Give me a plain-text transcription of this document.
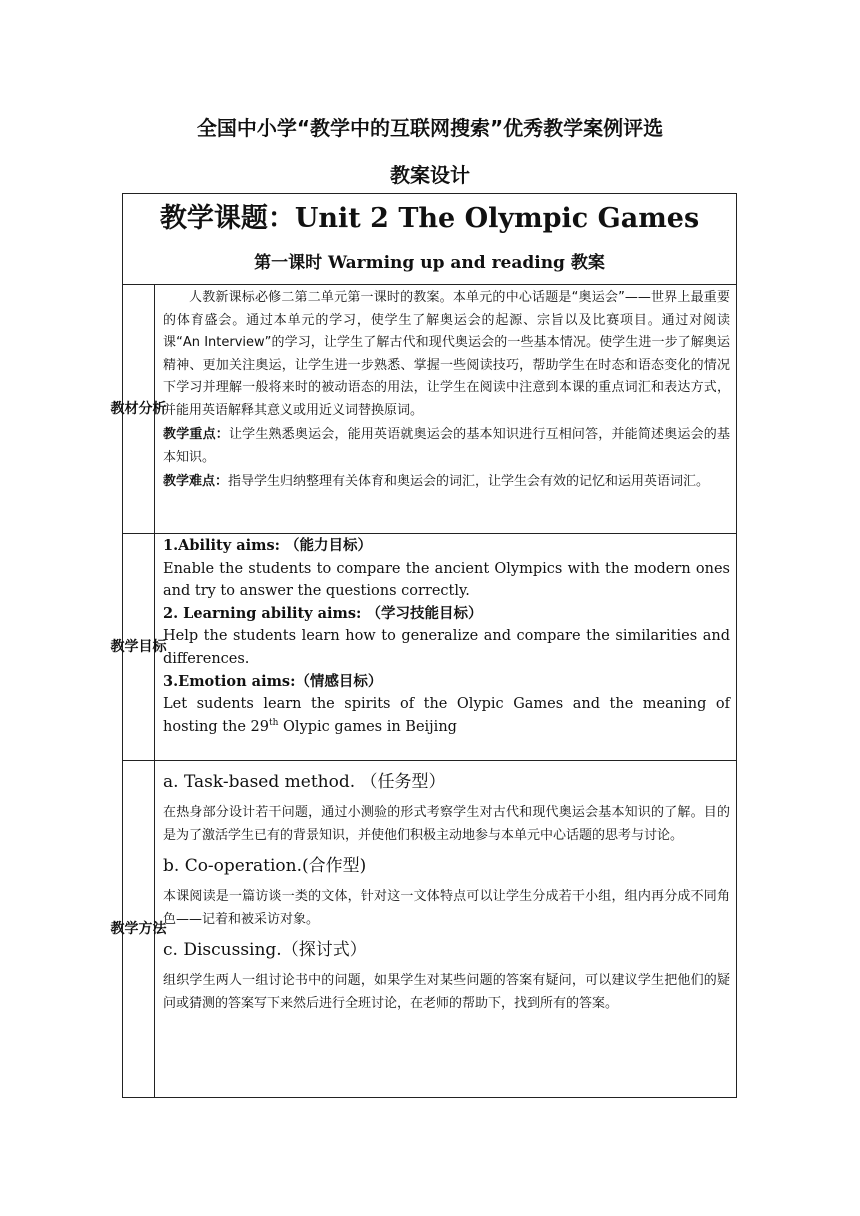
全国中小学“教学中的互联网搜索”优秀教学案例评选
教案设计
教学课题：Unit 2 The Olympic Games
第一课时 Warming up and reading 教案
教 材 分 析
人教新课标必修二第二单元第一课时的教案。本单元的中心话题是“奥运会”——世界上最重要的体育盛会。通过本单元的学习，使学生了解奥运会的起源、宗旨以及比赛项目。通过对阅读课“An Interview”的学习，让学生了解古代和现代奥运会的一些基本情况。使学生进一步了解奥运精神、更加关注奥运，让学生进一步熟悉、掌握一些阅读技巧，帮助学生在时态和语态变化的情况下学习并理解一般将来时的被动语态的用法，让学生在阅读中注意到本课的重点词汇和表达方式，并能用英语解释其意义或用近义词替换原词。
教学重点：让学生熟悉奥运会，能用英语就奥运会的基本知识进行互相问答，并能简述奥运会的基本知识。
教学难点：指导学生归纳整理有关体育和奥运会的词汇，让学生会有效的记忆和运用英语词汇。
教 学 目 标
1.Ability aims: （能力目标）
Enable the students to compare the ancient Olympics with the modern ones and try to answer the questions correctly.
2. Learning ability aims: （学习技能目标）
Help the students learn how to generalize and compare the similarities and differences.
3.Emotion aims:（情感目标）
Let sudents learn the spirits of the Olypic Games and the meaning of hosting the 29th Olypic games in Beijing
教 学 方 法
a. Task-based method. （任务型）
在热身部分设计若干问题，通过小测验的形式考察学生对古代和现代奥运会基本知识的了解。目的是为了激活学生已有的背景知识，并使他们积极主动地参与本单元中心话题的思考与讨论。
b. Co-operation.(合作型)
本课阅读是一篇访谈一类的文体，针对这一文体特点可以让学生分成若干小组，组内再分成不同角色——记着和被采访对象。
c. Discussing.（探讨式）
组织学生两人一组讨论书中的问题，如果学生对某些问题的答案有疑问，可以建议学生把他们的疑问或猜测的答案写下来然后进行全班讨论，在老师的帮助下，找到所有的答案。
